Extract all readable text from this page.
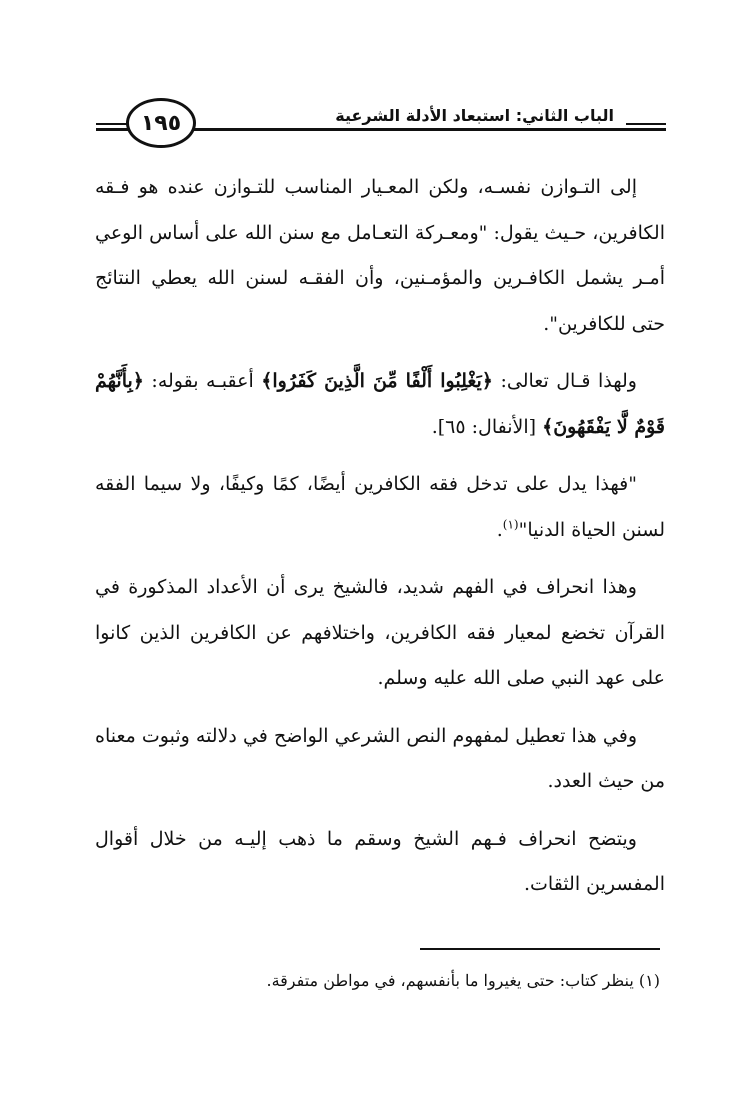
١٩٥	الباب الثاني: استبعاد الأدلة الشرعية

إلى التـوازن نفسـه، ولكن المعـيار المناسب للتـوازن عنده هو فـقه الكافرين، حـيث يقول: "ومعـركة التعـامل مع سنن الله على أساس الوعي أمـر يشمل الكافـرين والمؤمـنين، وأن الفقـه لسنن الله يعطي النتائج حتى للكافرين".

ولهذا قـال تعالى: ﴿يَغْلِبُوا أَلْفًا مِّنَ الَّذِينَ كَفَرُوا﴾ أعقبـه بقوله: ﴿بِأَنَّهُمْ قَوْمٌ لَّا يَفْقَهُونَ﴾ [الأنفال: ٦٥].

"فهذا يدل على تدخل فقه الكافرين أيضًا، كمًا وكيفًا، ولا سيما الفقه لسنن الحياة الدنيا"$^{(١)}$.

وهذا انحراف في الفهم شديد، فالشيخ يرى أن الأعداد المذكورة في القرآن تخضع لمعيار فقه الكافرين، واختلافهم عن الكافرين الذين كانوا على عهد النبي صلى الله عليه وسلم.

وفي هذا تعطيل لمفهوم النص الشرعي الواضح في دلالته وثبوت معناه من حيث العدد.

ويتضح انحراف فـهم الشيخ وسقم ما ذهب إليـه من خلال أقوال المفسرين الثقات.

(١) ينظر كتاب: حتى يغيروا ما بأنفسهم، في مواطن متفرقة.
